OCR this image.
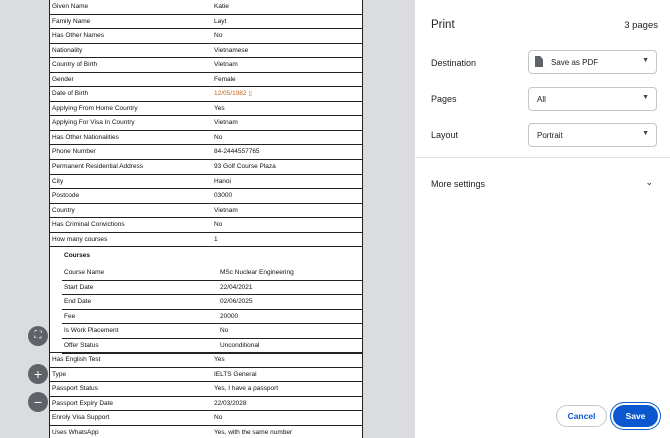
Given Name	Katie
Family Name	Layt
Has Other Names	No
Nationality	Vietnamese
Country of Birth	Vietnam
Gender	Female
Date of Birth	12/05/1982 ▯
Applying From Home Country	Yes
Applying For Visa In Country	Vietnam
Has Other Nationalities	No
Phone Number	84-2444557765
Permanent Residential Address	93 Golf Course Plaza
City	Hanoi
Postcode	03000
Country	Vietnam
Has Criminal Convictions	No
How many courses	1
Courses
Course Name	MSc Nuclear Engineering
Start Date	22/04/2021
End Date	02/06/2025
Fee	20000
Is Work Placement	No
Offer Status	Unconditional
Has English Test	Yes
Type	IELTS General
Passport Status	Yes, I have a passport
Passport Expiry Date	22/03/2028
Enroly Visa Support	No
Uses WhatsApp	Yes, with the same number
⛶
+
−
Print	3 pages
Destination	Save as PDF	▼
Pages	All	▼
Layout	Portrait	▼
More settings	⌄
Cancel	Save
